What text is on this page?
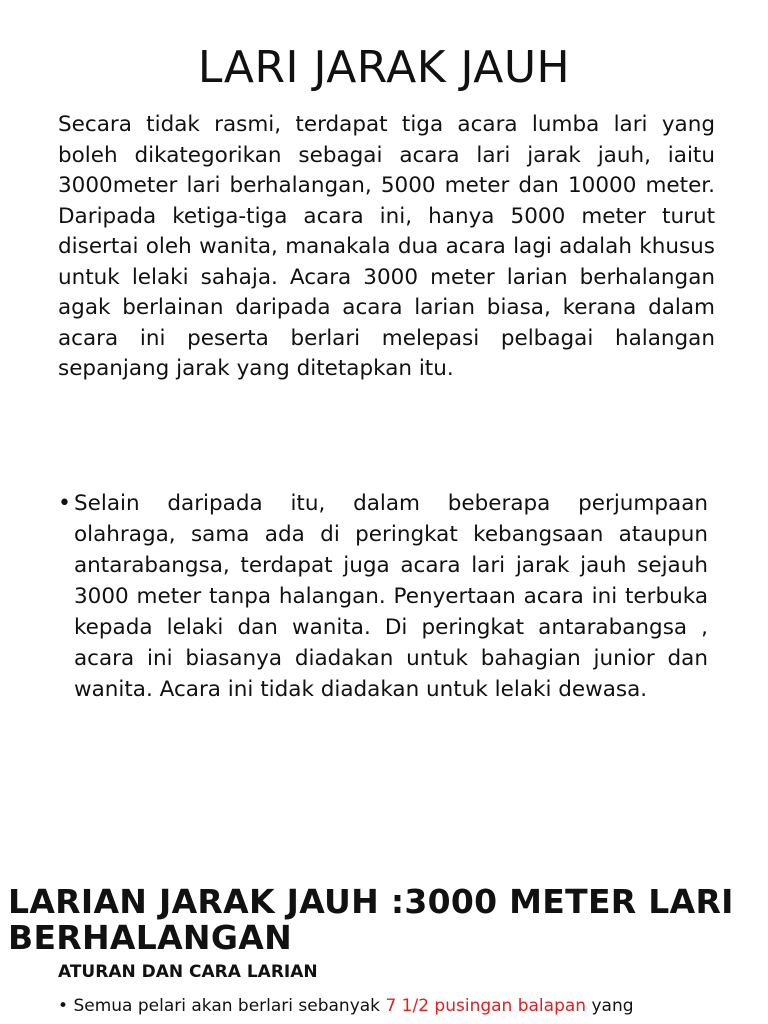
LARI JARAK JAUH

Secara tidak rasmi, terdapat tiga acara lumba lari yang boleh dikategorikan sebagai acara lari jarak jauh, iaitu 3000meter lari berhalangan, 5000 meter dan 10000 meter. Daripada ketiga-tiga acara ini, hanya 5000 meter turut disertai oleh wanita, manakala dua acara lagi adalah khusus untuk lelaki sahaja. Acara 3000 meter larian berhalangan agak berlainan daripada acara larian biasa, kerana dalam acara ini peserta berlari melepasi pelbagai halangan sepanjang jarak yang ditetapkan itu.

• Selain daripada itu, dalam beberapa perjumpaan olahraga, sama ada di peringkat kebangsaan ataupun antarabangsa, terdapat juga acara lari jarak jauh sejauh 3000 meter tanpa halangan. Penyertaan acara ini terbuka kepada lelaki dan wanita. Di peringkat antarabangsa , acara ini biasanya diadakan untuk bahagian junior dan wanita. Acara ini tidak diadakan untuk lelaki dewasa.

LARIAN JARAK JAUH :3000 METER LARI
BERHALANGAN

ATURAN DAN CARA LARIAN

• Semua pelari akan berlari sebanyak 7 1/2 pusingan balapan yang
